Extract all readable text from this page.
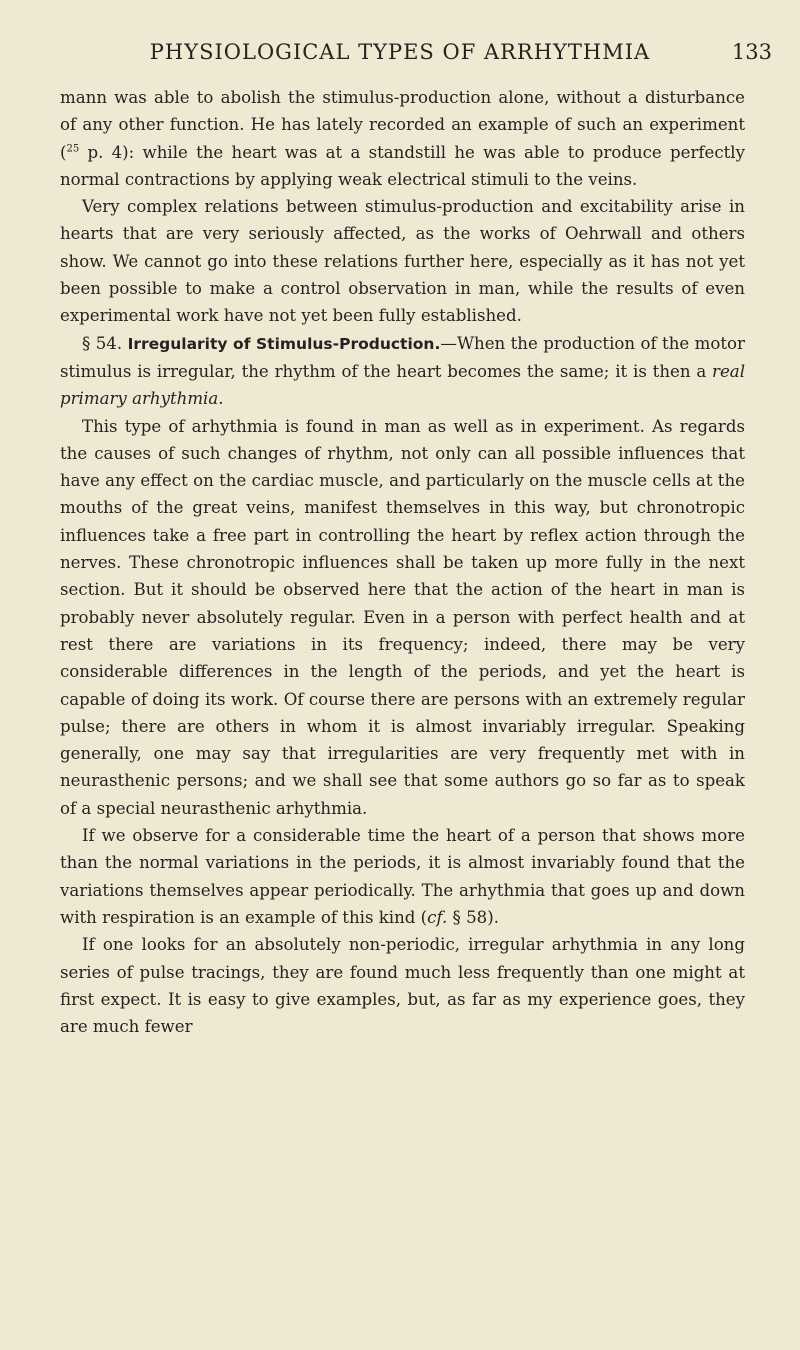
PHYSIOLOGICAL TYPES OF ARRHYTHMIA	133

mann was able to abolish the stimulus-production alone, without a disturbance of any other function. He has lately recorded an example of such an experiment ($^{25}$ p. 4): while the heart was at a standstill he was able to produce perfectly normal contractions by applying weak electrical stimuli to the veins.

Very complex relations between stimulus-production and excitability arise in hearts that are very seriously affected, as the works of Oehrwall and others show. We cannot go into these relations further here, especially as it has not yet been possible to make a control observation in man, while the results of even experimental work have not yet been fully established.

§ 54. Irregularity of Stimulus-Production.—When the production of the motor stimulus is irregular, the rhythm of the heart becomes the same; it is then a real primary arhythmia.

This type of arhythmia is found in man as well as in experiment. As regards the causes of such changes of rhythm, not only can all possible influences that have any effect on the cardiac muscle, and particularly on the muscle cells at the mouths of the great veins, manifest themselves in this way, but chronotropic influences take a free part in controlling the heart by reflex action through the nerves. These chronotropic influences shall be taken up more fully in the next section. But it should be observed here that the action of the heart in man is probably never absolutely regular. Even in a person with perfect health and at rest there are variations in its frequency; indeed, there may be very considerable differences in the length of the periods, and yet the heart is capable of doing its work. Of course there are persons with an extremely regular pulse; there are others in whom it is almost invariably irregular. Speaking generally, one may say that irregularities are very frequently met with in neurasthenic persons; and we shall see that some authors go so far as to speak of a special neurasthenic arhythmia.

If we observe for a considerable time the heart of a person that shows more than the normal variations in the periods, it is almost invariably found that the variations themselves appear periodically. The arhythmia that goes up and down with respiration is an example of this kind (cf. § 58).

If one looks for an absolutely non-periodic, irregular arhythmia in any long series of pulse tracings, they are found much less frequently than one might at first expect. It is easy to give examples, but, as far as my experience goes, they are much fewer
